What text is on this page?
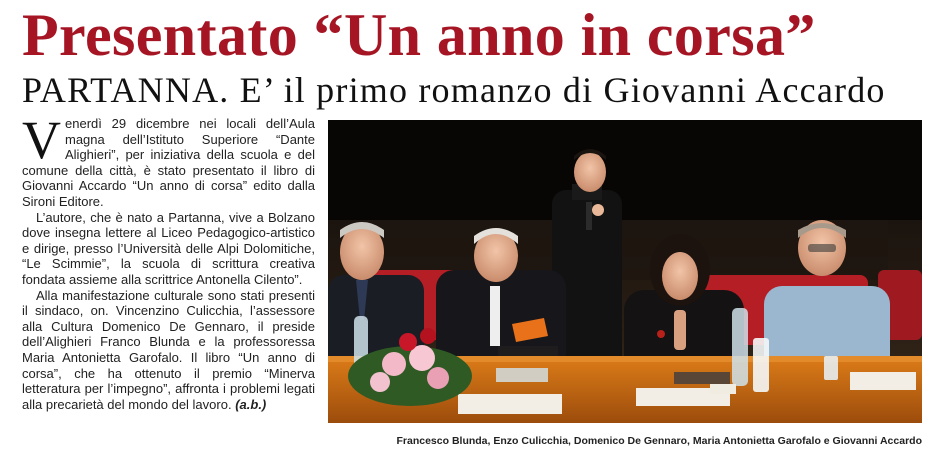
Presentato “Un anno in corsa”
PARTANNA. E’ il primo romanzo di Giovanni Accardo

Venerdì 29 dicembre nei locali dell’Aula magna dell’Istituto Superiore “Dante Alighieri”, per iniziativa della scuola e del comune della città, è stato presentato il libro di Giovanni Accardo “Un anno di corsa” edito dalla Sironi Editore.

L’autore, che è nato a Partanna, vive a Bolzano dove insegna lettere al Liceo Pedagogico-artistico e dirige, presso l’Università delle Alpi Dolomitiche, “Le Scimmie”, la scuola di scrittura creativa fondata assieme alla scrittrice Antonella Cilento”.

Alla manifestazione culturale sono stati presenti il sindaco, on. Vincenzino Culicchia, l’assessore alla Cultura Domenico De Gennaro, il preside dell’Alighieri Franco Blunda e la professoressa Maria Antonietta Garofalo. Il libro “Un anno di corsa”, che ha ottenuto il premio “Minerva letteratura per l’impegno”, affronta i problemi legati alla precarietà del mondo del lavoro. (a.b.)

Francesco Blunda, Enzo Culicchia, Domenico De Gennaro, Maria Antonietta Garofalo e Giovanni Accardo
